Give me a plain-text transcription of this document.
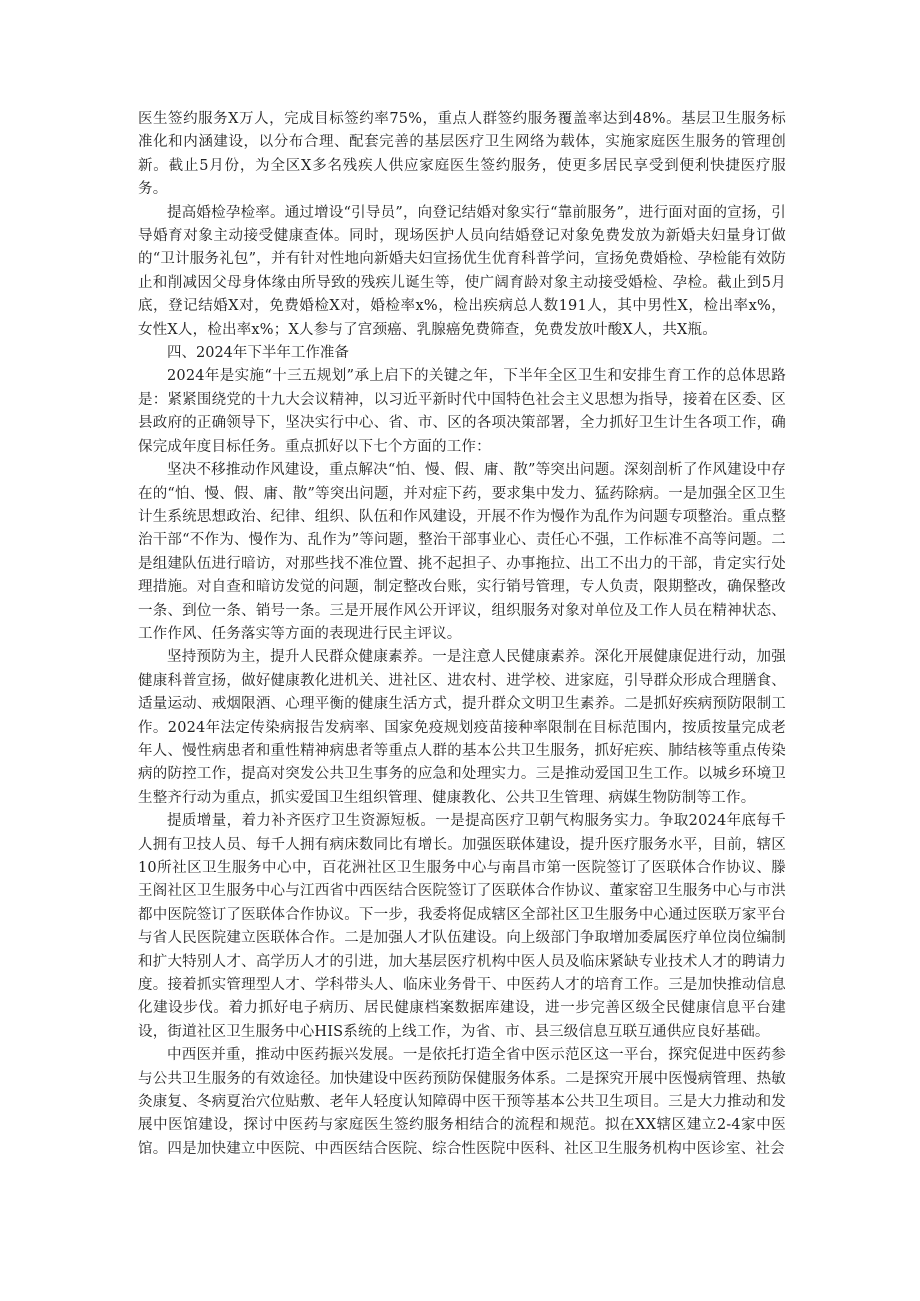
医生签约服务X万人，完成目标签约率75%，重点人群签约服务覆盖率达到48%。基层卫生服务标准化和内涵建设，以分布合理、配套完善的基层医疗卫生网络为载体，实施家庭医生服务的管理创新。截止5月份，为全区X多名残疾人供应家庭医生签约服务，使更多居民享受到便利快捷医疗服务。

提高婚检孕检率。通过增设“引导员”，向登记结婚对象实行“靠前服务”，进行面对面的宣扬，引导婚育对象主动接受健康查体。同时，现场医护人员向结婚登记对象免费发放为新婚夫妇量身订做的“卫计服务礼包”，并有针对性地向新婚夫妇宣扬优生优育科普学问，宣扬免费婚检、孕检能有效防止和削减因父母身体缘由所导致的残疾儿诞生等，使广阔育龄对象主动接受婚检、孕检。截止到5月底，登记结婚X对，免费婚检X对，婚检率x%，检出疾病总人数191人，其中男性X，检出率x%，女性X人，检出率x%；X人参与了宫颈癌、乳腺癌免费筛查，免费发放叶酸X人，共X瓶。

四、2024年下半年工作准备

2024年是实施“十三五规划”承上启下的关键之年，下半年全区卫生和安排生育工作的总体思路是：紧紧围绕党的十九大会议精神，以习近平新时代中国特色社会主义思想为指导，接着在区委、区县政府的正确领导下，坚决实行中心、省、市、区的各项决策部署，全力抓好卫生计生各项工作，确保完成年度目标任务。重点抓好以下七个方面的工作：

坚决不移推动作风建设，重点解决“怕、慢、假、庸、散”等突出问题。深刻剖析了作风建设中存在的“怕、慢、假、庸、散”等突出问题，并对症下药，要求集中发力、猛药除病。一是加强全区卫生计生系统思想政治、纪律、组织、队伍和作风建设，开展不作为慢作为乱作为问题专项整治。重点整治干部“不作为、慢作为、乱作为”等问题，整治干部事业心、责任心不强，工作标准不高等问题。二是组建队伍进行暗访，对那些找不准位置、挑不起担子、办事拖拉、出工不出力的干部，肯定实行处理措施。对自查和暗访发觉的问题，制定整改台账，实行销号管理，专人负责，限期整改，确保整改一条、到位一条、销号一条。三是开展作风公开评议，组织服务对象对单位及工作人员在精神状态、工作作风、任务落实等方面的表现进行民主评议。

坚持预防为主，提升人民群众健康素养。一是注意人民健康素养。深化开展健康促进行动，加强健康科普宣扬，做好健康教化进机关、进社区、进农村、进学校、进家庭，引导群众形成合理膳食、适量运动、戒烟限酒、心理平衡的健康生活方式，提升群众文明卫生素养。二是抓好疾病预防限制工作。2024年法定传染病报告发病率、国家免疫规划疫苗接种率限制在目标范围内，按质按量完成老年人、慢性病患者和重性精神病患者等重点人群的基本公共卫生服务，抓好疟疾、肺结核等重点传染病的防控工作，提高对突发公共卫生事务的应急和处理实力。三是推动爱国卫生工作。以城乡环境卫生整齐行动为重点，抓实爱国卫生组织管理、健康教化、公共卫生管理、病媒生物防制等工作。

提质增量，着力补齐医疗卫生资源短板。一是提高医疗卫朝气构服务实力。争取2024年底每千人拥有卫技人员、每千人拥有病床数同比有增长。加强医联体建设，提升医疗服务水平，目前，辖区10所社区卫生服务中心中，百花洲社区卫生服务中心与南昌市第一医院签订了医联体合作协议、滕王阁社区卫生服务中心与江西省中西医结合医院签订了医联体合作协议、董家窑卫生服务中心与市洪都中医院签订了医联体合作协议。下一步，我委将促成辖区全部社区卫生服务中心通过医联万家平台与省人民医院建立医联体合作。二是加强人才队伍建设。向上级部门争取增加委属医疗单位岗位编制和扩大特别人才、高学历人才的引进，加大基层医疗机构中医人员及临床紧缺专业技术人才的聘请力度。接着抓实管理型人才、学科带头人、临床业务骨干、中医药人才的培育工作。三是加快推动信息化建设步伐。着力抓好电子病历、居民健康档案数据库建设，进一步完善区级全民健康信息平台建设，街道社区卫生服务中心HIS系统的上线工作，为省、市、县三级信息互联互通供应良好基础。

中西医并重，推动中医药振兴发展。一是依托打造全省中医示范区这一平台，探究促进中医药参与公共卫生服务的有效途径。加快建设中医药预防保健服务体系。二是探究开展中医慢病管理、热敏灸康复、冬病夏治穴位贴敷、老年人轻度认知障碍中医干预等基本公共卫生项目。三是大力推动和发展中医馆建设，探讨中医药与家庭医生签约服务相结合的流程和规范。拟在XX辖区建立2-4家中医馆。四是加快建立中医院、中西医结合医院、综合性医院中医科、社区卫生服务机构中医诊室、社会
